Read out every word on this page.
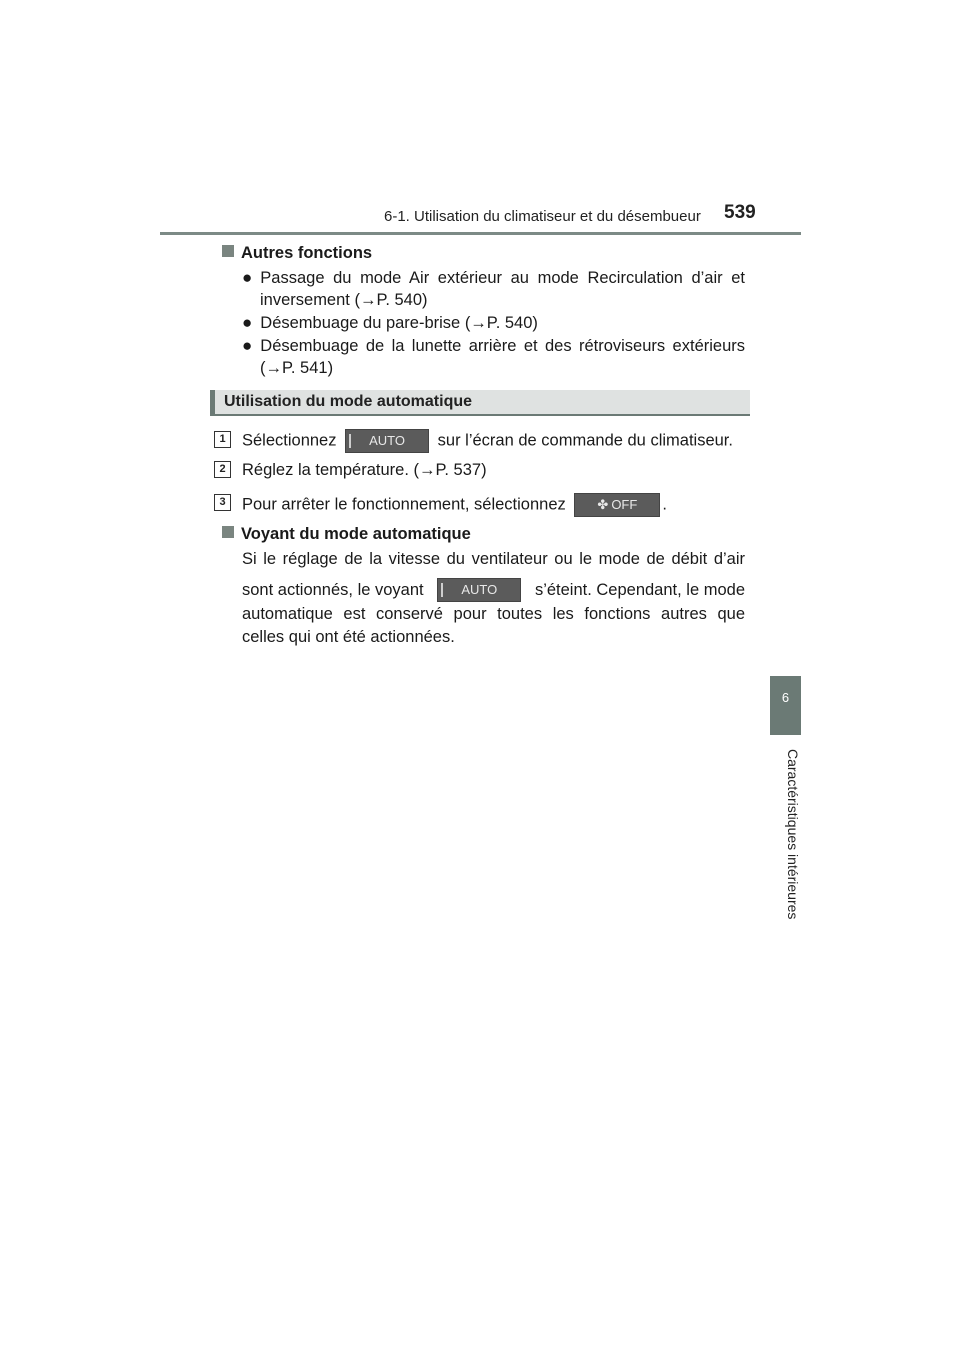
6-1. Utilisation du climatiseur et du désembueur 539
6
Caractéristiques intérieures
Autres fonctions
● Passage du mode Air extérieur au mode Recirculation d’air et
inversement (→P. 540)
● Désembuage du pare-brise (→P. 540)
● Désembuage de la lunette arrière et des rétroviseurs extérieurs
(→P. 541)
Utilisation du mode automatique
1 Sélectionnez	AUTO sur l’écran de commande du climatiseur.
2 Réglez la température. (→P. 537)
3 Pour arrêter le fonctionnement, sélectionnez ✤ OFF .
Voyant du mode automatique
Si le réglage de la vitesse du ventilateur ou le mode de débit d’air
sont actionnés, le voyant	AUTO	s’éteint. Cependant, le mode
automatique est conservé pour toutes les fonctions autres que
celles qui ont été actionnées.
